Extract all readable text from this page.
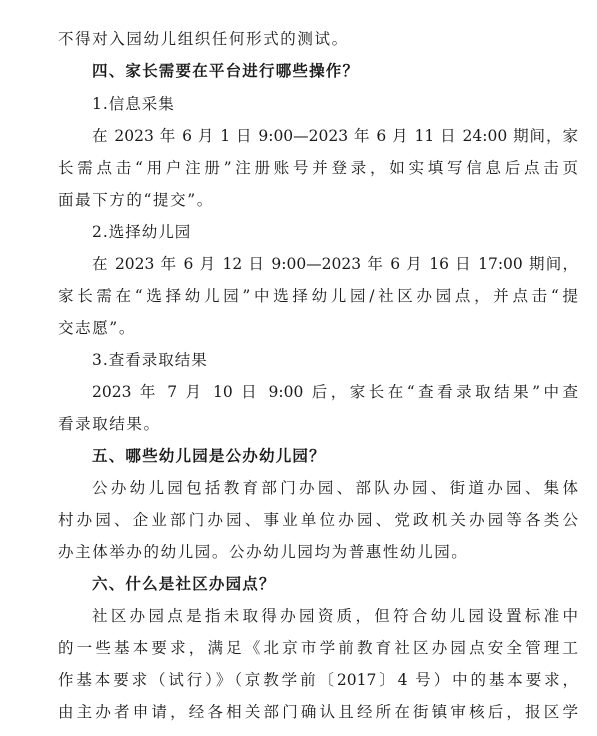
不得对入园幼儿组织任何形式的测试。
四、家长需要在平台进行哪些操作？
1.信息采集
在 2023 年 6 月 1 日 9:00—2023 年 6 月 11 日 24:00 期间，家
长需点击“用户注册”注册账号并登录，如实填写信息后点击页
面最下方的“提交”。
2.选择幼儿园
在 2023 年 6 月 12 日 9:00—2023 年 6 月 16 日 17:00 期间，
家长需在“选择幼儿园”中选择幼儿园/社区办园点，并点击“提
交志愿”。
3.查看录取结果
2023 年 7 月 10 日 9:00 后，家长在“查看录取结果”中查
看录取结果。
五、哪些幼儿园是公办幼儿园？
公办幼儿园包括教育部门办园、部队办园、街道办园、集体
村办园、企业部门办园、事业单位办园、党政机关办园等各类公
办主体举办的幼儿园。公办幼儿园均为普惠性幼儿园。
六、什么是社区办园点？
社区办园点是指未取得办园资质，但符合幼儿园设置标准中
的一些基本要求，满足《北京市学前教育社区办园点安全管理工
作基本要求（试行）》（京教学前〔2017〕4 号）中的基本要求，
由主办者申请，经各相关部门确认且经所在街镇审核后，报区学
